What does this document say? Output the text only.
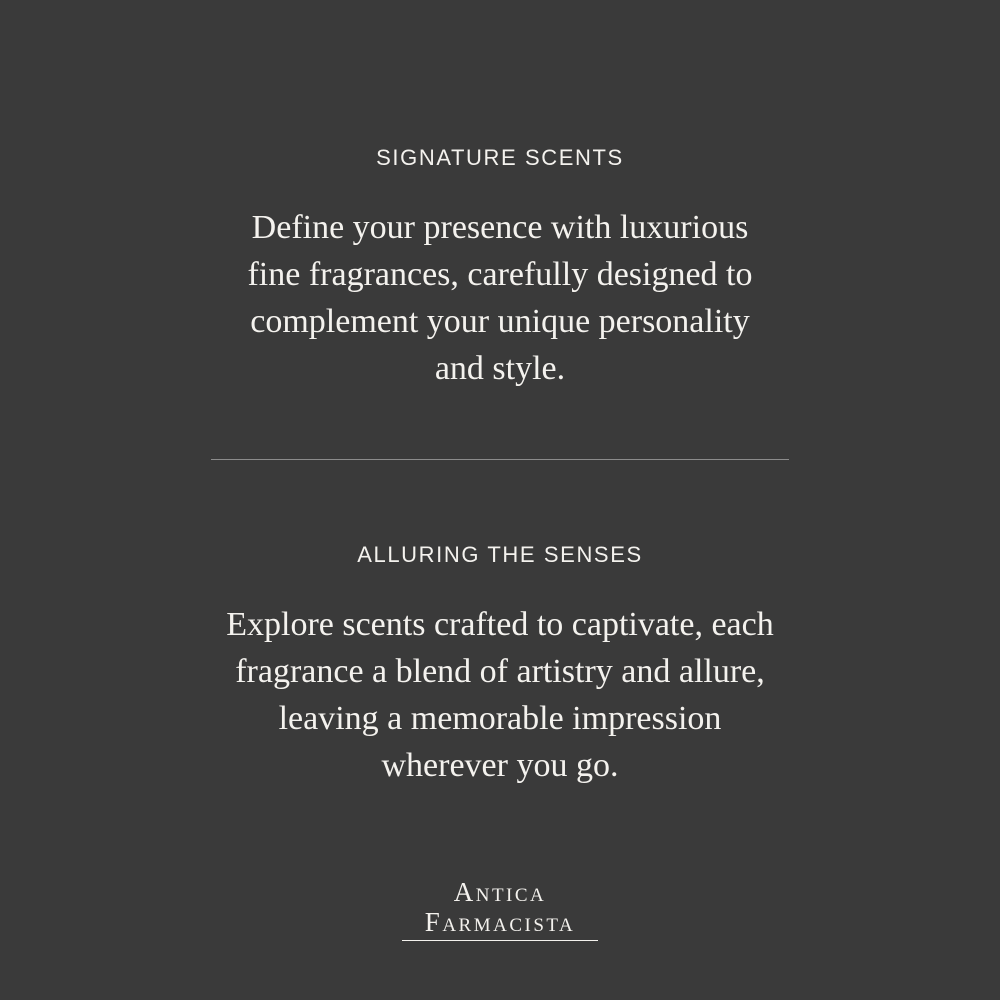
SIGNATURE SCENTS

Define your presence with luxurious
fine fragrances, carefully designed to
complement your unique personality
and style.

ALLURING THE SENSES

Explore scents crafted to captivate, each
fragrance a blend of artistry and allure,
leaving a memorable impression
wherever you go.

Antica
Farmacista
